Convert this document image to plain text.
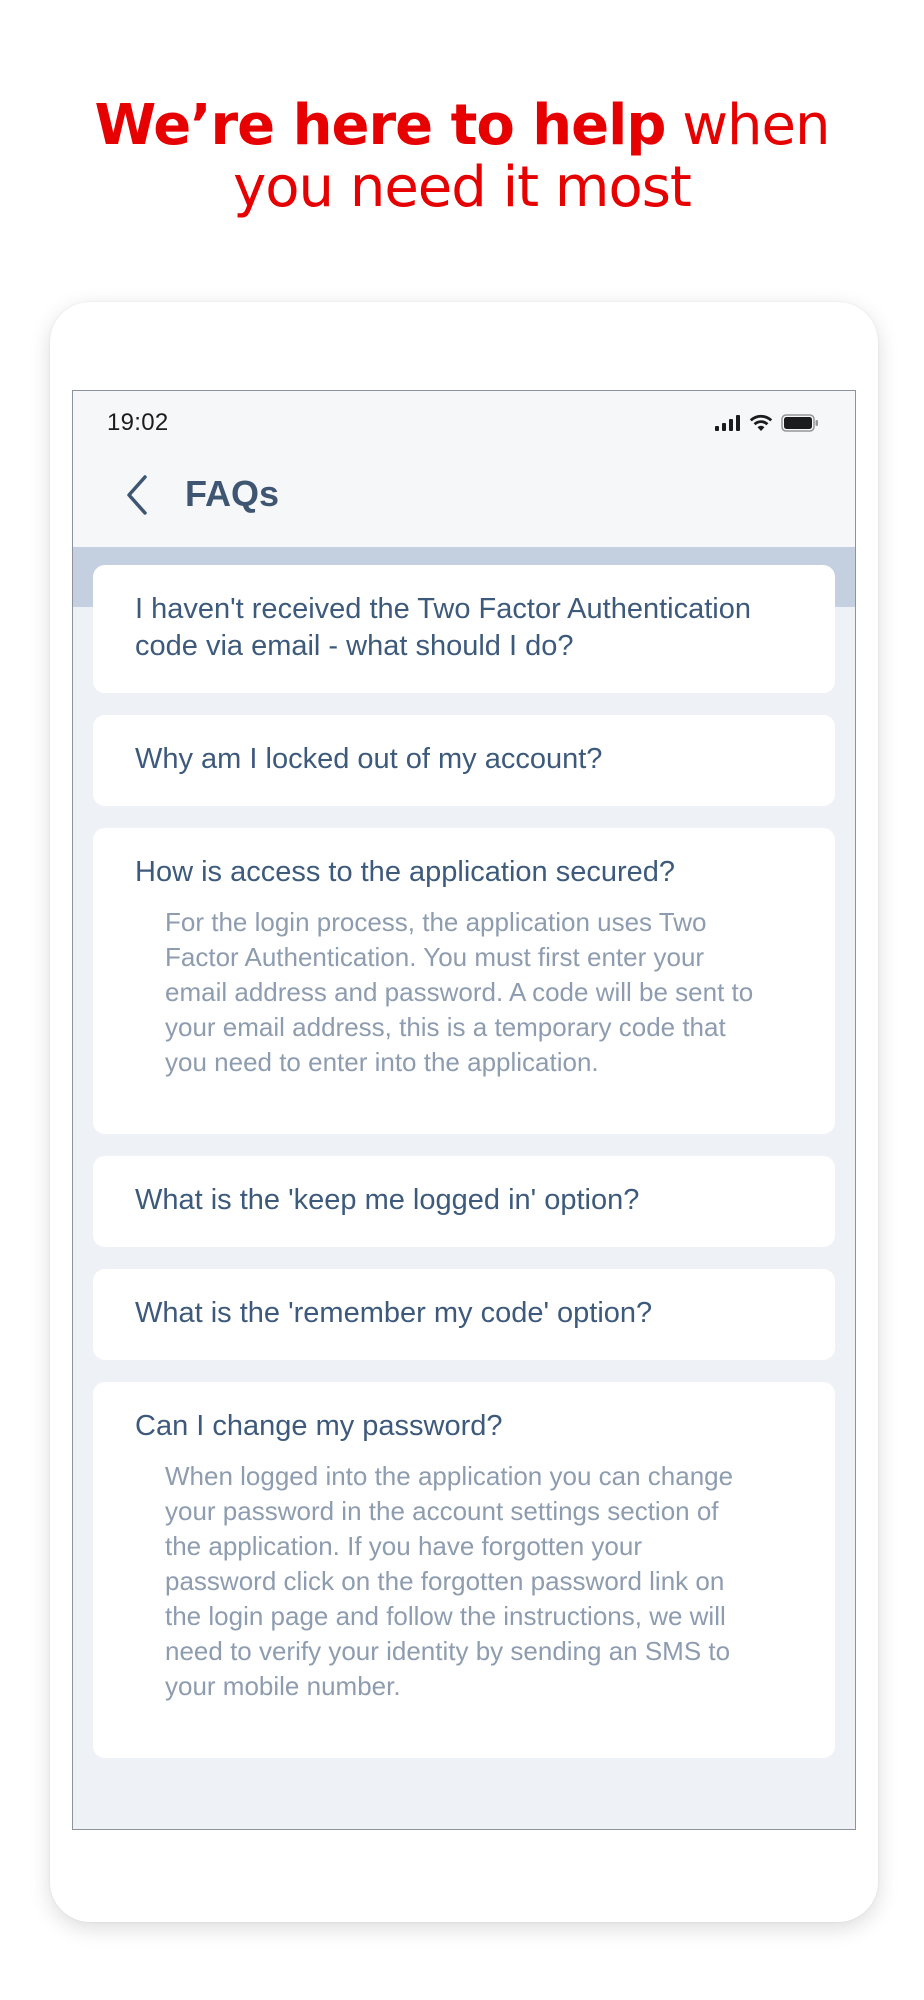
We’re here to help when
you need it most
19:02
FAQs
I haven't received the Two Factor Authentication code via email - what should I do?
Why am I locked out of my account?
How is access to the application secured?
For the login process, the application uses Two Factor Authentication. You must first enter your email address and password. A code will be sent to your email address, this is a temporary code that you need to enter into the application.
What is the 'keep me logged in' option?
What is the 'remember my code' option?
Can I change my password?
When logged into the application you can change your password in the account settings section of the application. If you have forgotten your password click on the forgotten password link on the login page and follow the instructions, we will need to verify your identity by sending an SMS to your mobile number.
